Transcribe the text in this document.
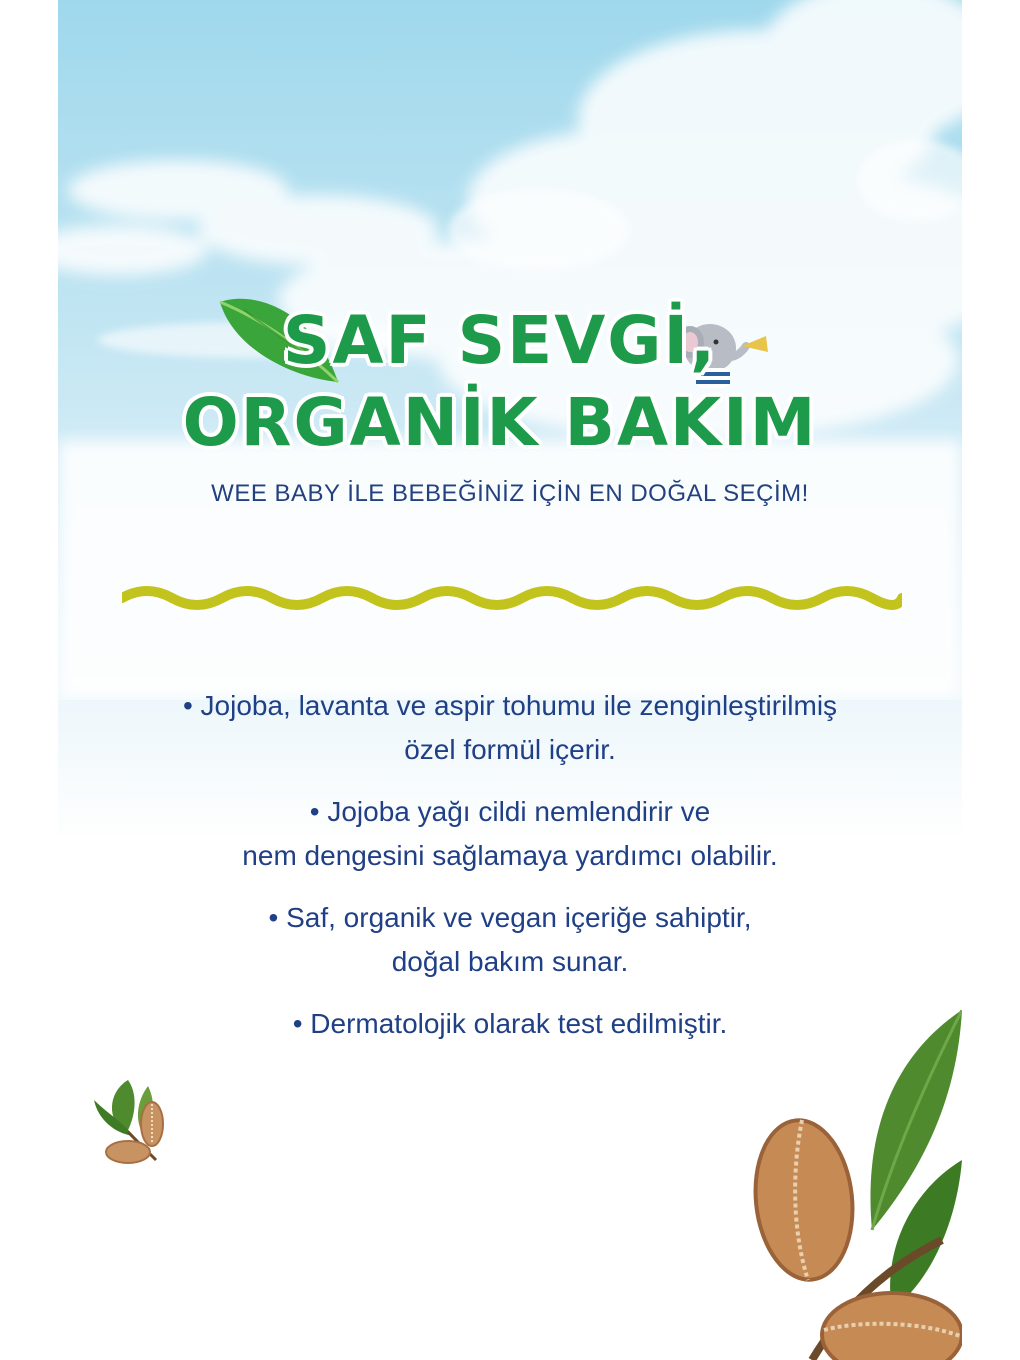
SAF SEVGİ,
ORGANİK BAKIM
WEE BABY İLE BEBEĞİNİZ İÇİN EN DOĞAL SEÇİM!
• Jojoba, lavanta ve aspir tohumu ile zenginleştirilmiş
özel formül içerir.
• Jojoba yağı cildi nemlendirir ve
nem dengesini sağlamaya yardımcı olabilir.
• Saf, organik ve vegan içeriğe sahiptir,
doğal bakım sunar.
• Dermatolojik olarak test edilmiştir.
